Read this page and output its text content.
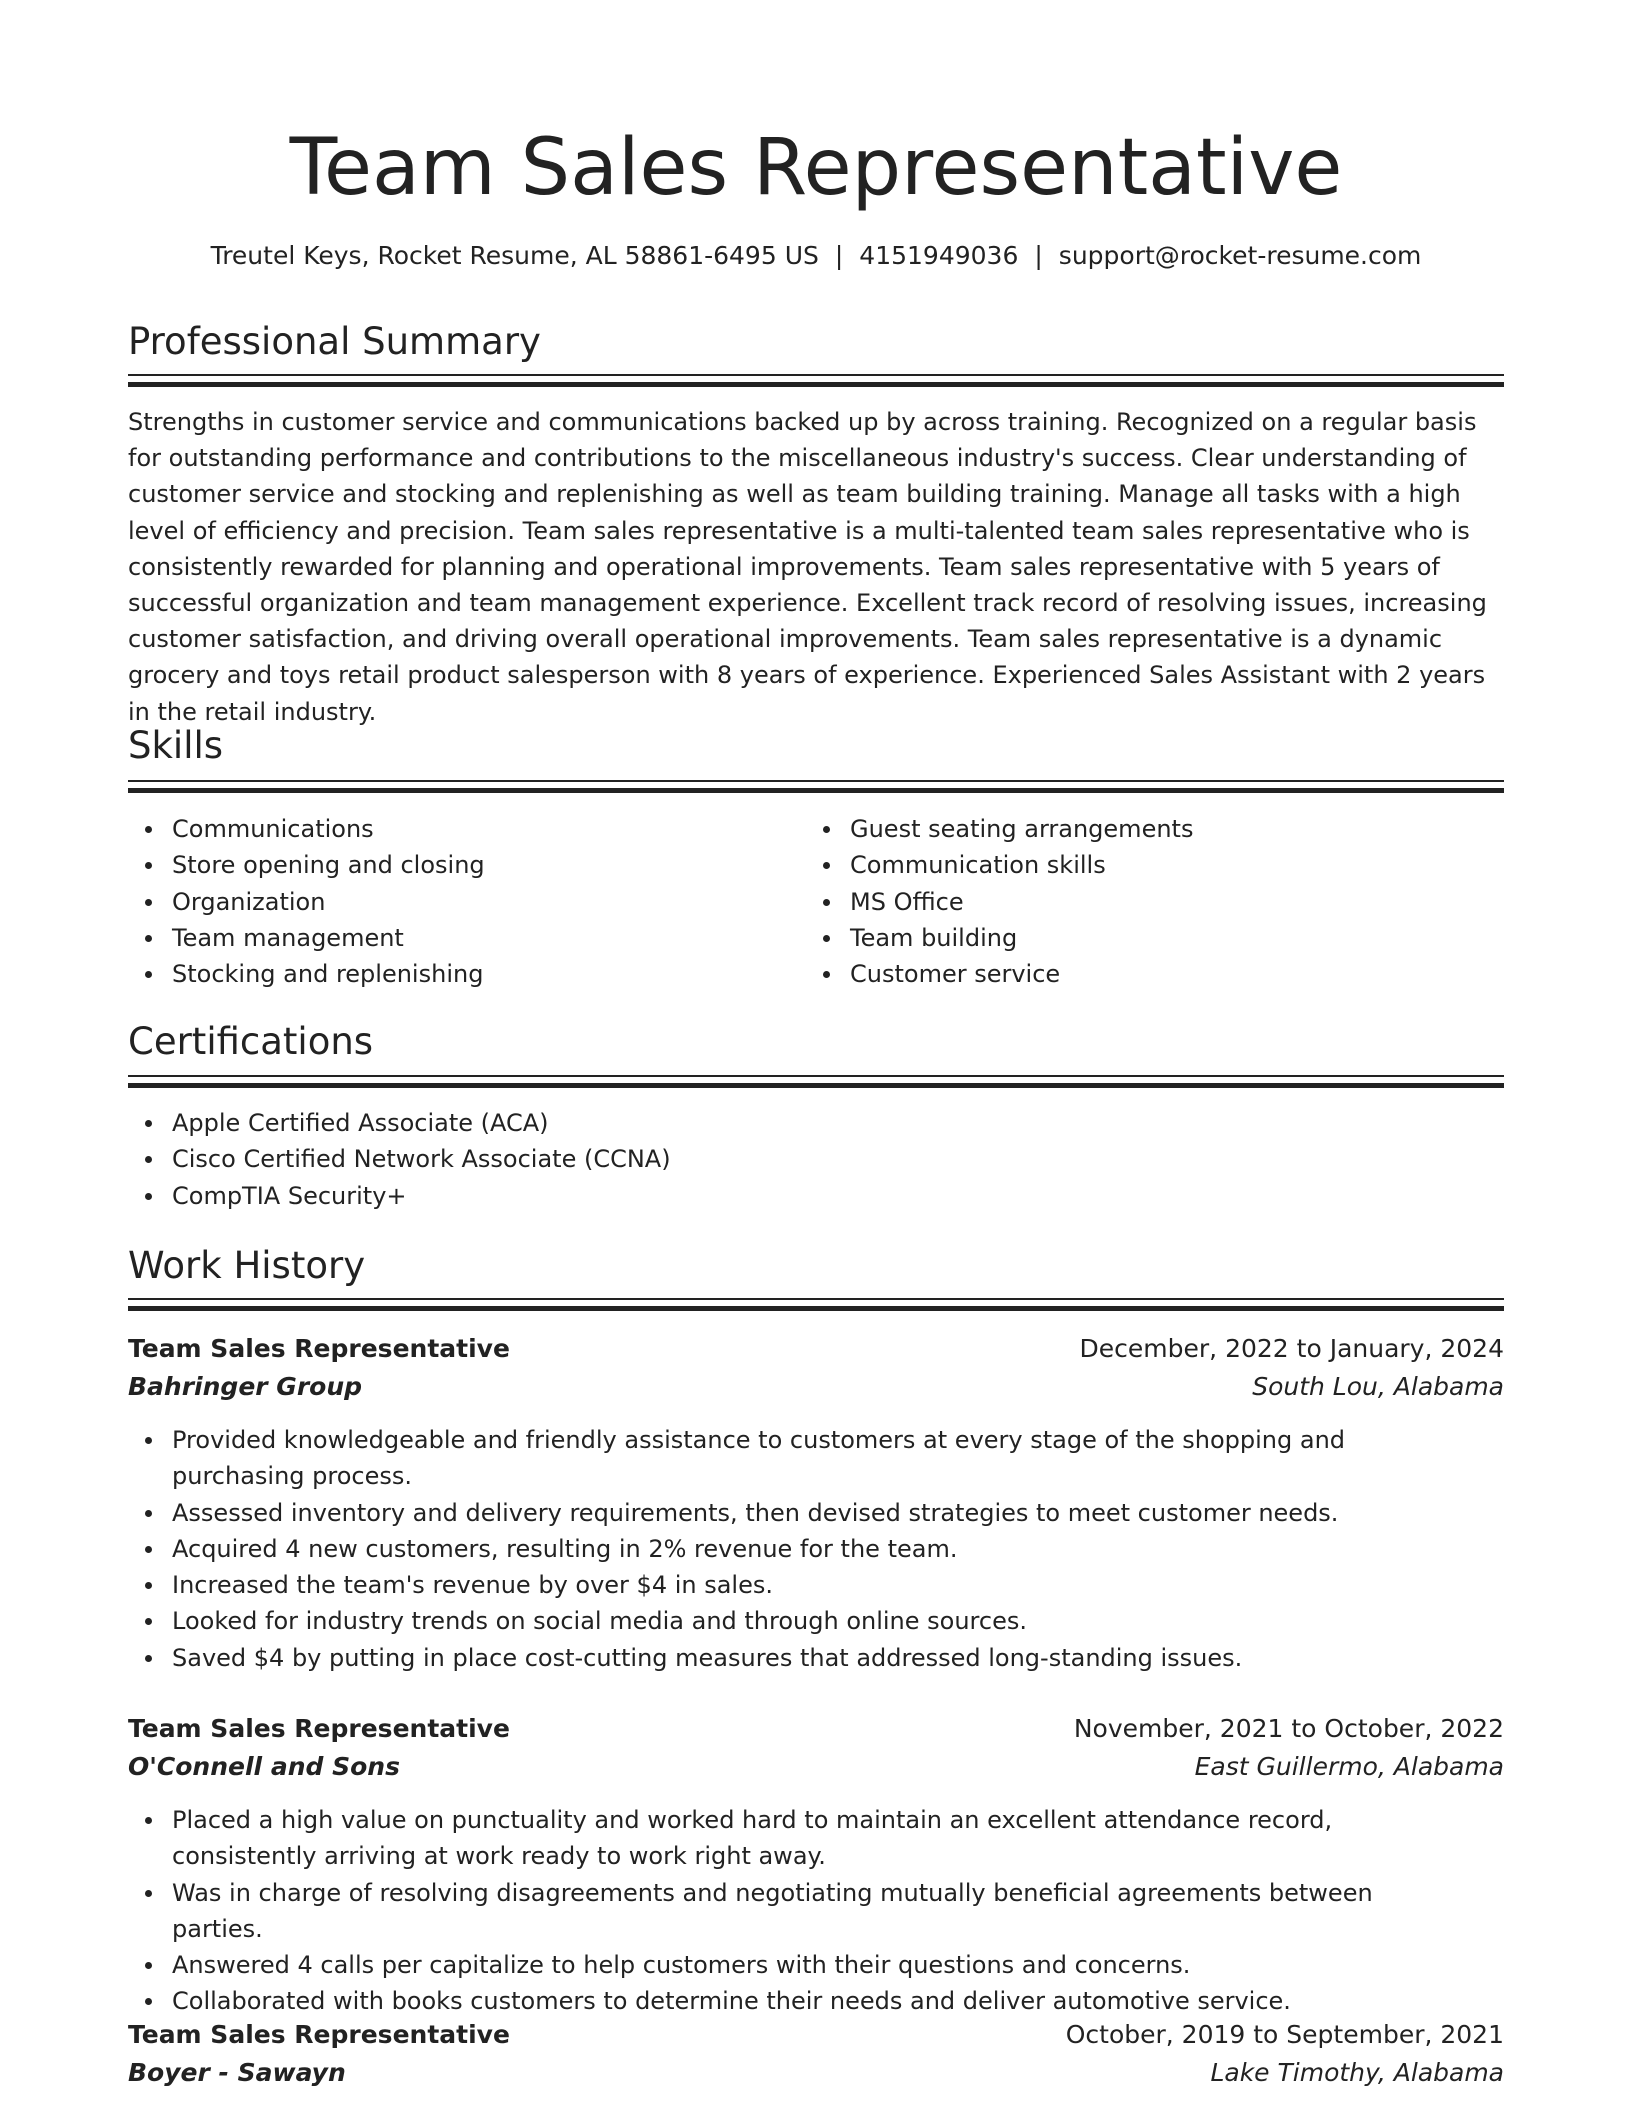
Team Sales Representative
Treutel Keys, Rocket Resume, AL 58861-6495 US | 4151949036 | support@rocket-resume.com
Professional Summary

Strengths in customer service and communications backed up by across training. Recognized on a regular basis for outstanding performance and contributions to the miscellaneous industry's success. Clear understanding of customer service and stocking and replenishing as well as team building training. Manage all tasks with a high level of efficiency and precision. Team sales representative is a multi-talented team sales representative who is consistently rewarded for planning and operational improvements. Team sales representative with 5 years of successful organization and team management experience. Excellent track record of resolving issues, increasing customer satisfaction, and driving overall operational improvements. Team sales representative is a dynamic grocery and toys retail product salesperson with 8 years of experience. Experienced Sales Assistant with 2 years in the retail industry.

Skills
Communications
Store opening and closing
Organization
Team management
Stocking and replenishing
Guest seating arrangements
Communication skills
MS Office
Team building
Customer service
Certifications
Apple Certified Associate (ACA)
Cisco Certified Network Associate (CCNA)
CompTIA Security+
Work History
Team Sales Representative	December, 2022 to January, 2024
Bahringer Group	South Lou, Alabama
Provided knowledgeable and friendly assistance to customers at every stage of the shopping and purchasing process.
Assessed inventory and delivery requirements, then devised strategies to meet customer needs.
Acquired 4 new customers, resulting in 2% revenue for the team.
Increased the team's revenue by over $4 in sales.
Looked for industry trends on social media and through online sources.
Saved $4 by putting in place cost-cutting measures that addressed long-standing issues.
Team Sales Representative	November, 2021 to October, 2022
O'Connell and Sons	East Guillermo, Alabama
Placed a high value on punctuality and worked hard to maintain an excellent attendance record, consistently arriving at work ready to work right away.
Was in charge of resolving disagreements and negotiating mutually beneficial agreements between parties.
Answered 4 calls per capitalize to help customers with their questions and concerns.
Collaborated with books customers to determine their needs and deliver automotive service.
Team Sales Representative	October, 2019 to September, 2021
Boyer - Sawayn	Lake Timothy, Alabama
